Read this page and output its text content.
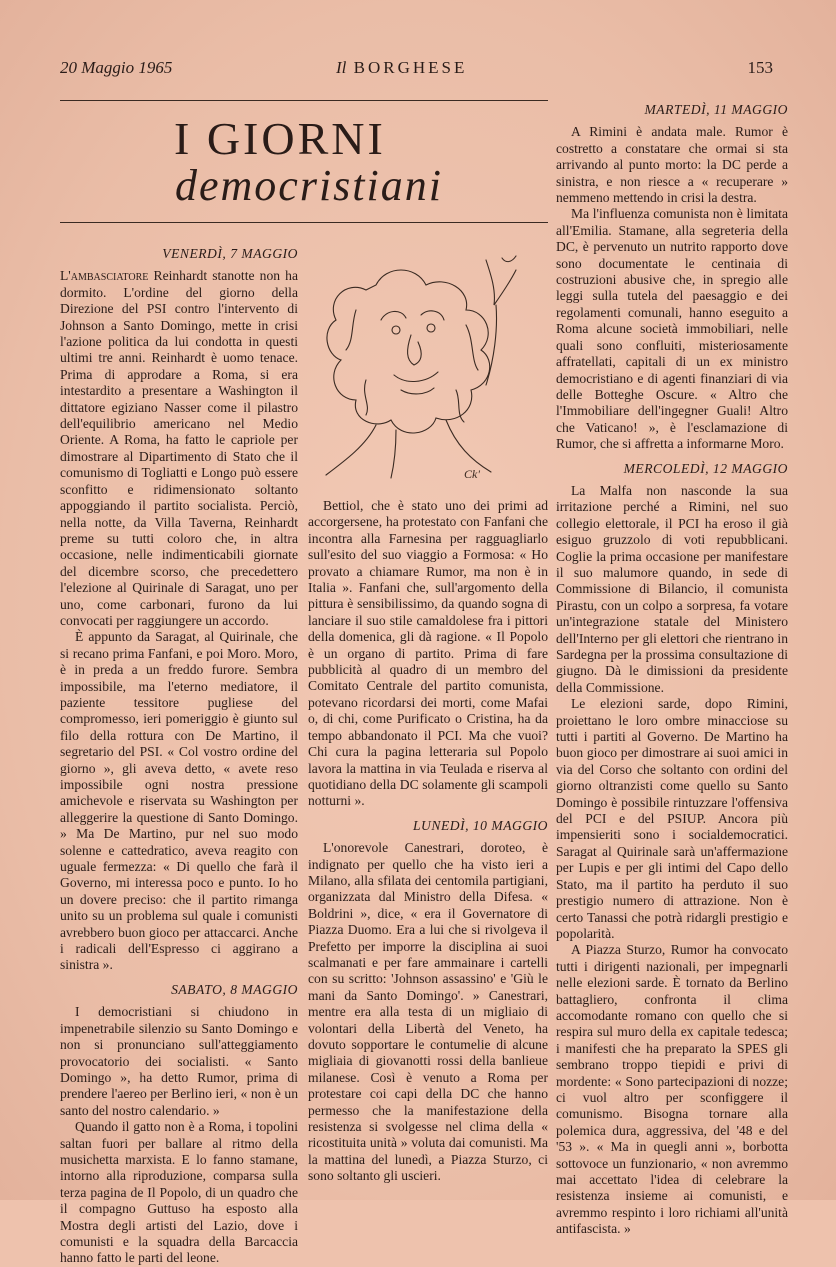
20 Maggio 1965	Il BORGHESE	153
I GIORNI
democristiani

VENERDÌ, 7 MAGGIO

L'ambasciatore Reinhardt stanotte non ha dormito. L'ordine del giorno della Direzione del PSI contro l'intervento di Johnson a Santo Domingo, mette in crisi l'azione politica da lui condotta in questi ultimi tre anni. Reinhardt è uomo tenace. Prima di approdare a Roma, si era intestardito a presentare a Washington il dittatore egiziano Nasser come il pilastro dell'equilibrio americano nel Medio Oriente. A Roma, ha fatto le capriole per dimostrare al Dipartimento di Stato che il comunismo di Togliatti e Longo può essere sconfitto e ridimensionato soltanto appoggiando il partito socialista. Perciò, nella notte, da Villa Taverna, Reinhardt preme su tutti coloro che, in altra occasione, nelle indimenticabili giornate del dicembre scorso, che precedettero l'elezione al Quirinale di Saragat, uno per uno, come carbonari, furono da lui convocati per raggiungere un accordo.

È appunto da Saragat, al Quirinale, che si recano prima Fanfani, e poi Moro. Moro, è in preda a un freddo furore. Sembra impossibile, ma l'eterno mediatore, il paziente tessitore pugliese del compromesso, ieri pomeriggio è giunto sul filo della rottura con De Martino, il segretario del PSI. « Col vostro ordine del giorno », gli aveva detto, « avete reso impossibile ogni nostra pressione amichevole e riservata su Washington per alleggerire la questione di Santo Domingo. » Ma De Martino, pur nel suo modo solenne e cattedratico, aveva reagito con uguale fermezza: « Di quello che farà il Governo, mi interessa poco e punto. Io ho un dovere preciso: che il partito rimanga unito su un problema sul quale i comunisti avrebbero buon gioco per attaccarci. Anche i radicali dell'Espresso ci aggirano a sinistra ».

SABATO, 8 MAGGIO

I democristiani si chiudono in impenetrabile silenzio su Santo Domingo e non si pronunciano sull'atteggiamento provocatorio dei socialisti. « Santo Domingo », ha detto Rumor, prima di prendere l'aereo per Berlino ieri, « non è un santo del nostro calendario. »

Quando il gatto non è a Roma, i topolini saltan fuori per ballare al ritmo della musichetta marxista. E lo fanno stamane, intorno alla riproduzione, comparsa sulla terza pagina de Il Popolo, di un quadro che il compagno Guttuso ha esposto alla Mostra degli artisti del Lazio, dove i comunisti e la squadra della Barcaccia hanno fatto le parti del leone.

Ck'

Bettiol, che è stato uno dei primi ad accorgersene, ha protestato con Fanfani che incontra alla Farnesina per ragguagliarlo sull'esito del suo viaggio a Formosa: « Ho provato a chiamare Rumor, ma non è in Italia ». Fanfani che, sull'argomento della pittura è sensibilissimo, da quando sogna di lanciare il suo stile camaldolese fra i pittori della domenica, gli dà ragione. « Il Popolo è un organo di partito. Prima di fare pubblicità al quadro di un membro del Comitato Centrale del partito comunista, potevano ricordarsi dei morti, come Mafai o, di chi, come Purificato o Cristina, ha da tempo abbandonato il PCI. Ma che vuoi? Chi cura la pagina letteraria sul Popolo lavora la mattina in via Teulada e riserva al quotidiano della DC solamente gli scampoli notturni ».

LUNEDÌ, 10 MAGGIO

L'onorevole Canestrari, doroteo, è indignato per quello che ha visto ieri a Milano, alla sfilata dei centomila partigiani, organizzata dal Ministro della Difesa. « Boldrini », dice, « era il Governatore di Piazza Duomo. Era a lui che si rivolgeva il Prefetto per imporre la disciplina ai suoi scalmanati e per fare ammainare i cartelli con su scritto: 'Johnson assassino' e 'Giù le mani da Santo Domingo'. » Canestrari, mentre era alla testa di un migliaio di volontari della Libertà del Veneto, ha dovuto sopportare le contumelie di alcune migliaia di giovanotti rossi della banlieue milanese. Così è venuto a Roma per protestare coi capi della DC che hanno permesso che la manifestazione della resistenza si svolgesse nel clima della « ricostituita unità » voluta dai comunisti. Ma la mattina del lunedì, a Piazza Sturzo, ci sono soltanto gli uscieri.

MARTEDÌ, 11 MAGGIO

A Rimini è andata male. Rumor è costretto a constatare che ormai si sta arrivando al punto morto: la DC perde a sinistra, e non riesce a « recuperare » nemmeno mettendo in crisi la destra.

Ma l'influenza comunista non è limitata all'Emilia. Stamane, alla segreteria della DC, è pervenuto un nutrito rapporto dove sono documentate le centinaia di costruzioni abusive che, in spregio alle leggi sulla tutela del paesaggio e dei regolamenti comunali, hanno eseguito a Roma alcune società immobiliari, nelle quali sono confluiti, misteriosamente affratellati, capitali di un ex ministro democristiano e di agenti finanziari di via delle Botteghe Oscure. « Altro che l'Immobiliare dell'ingegner Guali! Altro che Vaticano! », è l'esclamazione di Rumor, che si affretta a informarne Moro.

MERCOLEDÌ, 12 MAGGIO

La Malfa non nasconde la sua irritazione perché a Rimini, nel suo collegio elettorale, il PCI ha eroso il già esiguo gruzzolo di voti repubblicani. Coglie la prima occasione per manifestare il suo malumore quando, in sede di Commissione di Bilancio, il comunista Pirastu, con un colpo a sorpresa, fa votare un'integrazione statale del Ministero dell'Interno per gli elettori che rientrano in Sardegna per la prossima consultazione di giugno. Dà le dimissioni da presidente della Commissione.

Le elezioni sarde, dopo Rimini, proiettano le loro ombre minacciose su tutti i partiti al Governo. De Martino ha buon gioco per dimostrare ai suoi amici in via del Corso che soltanto con ordini del giorno oltranzisti come quello su Santo Domingo è possibile rintuzzare l'offensiva del PCI e del PSIUP. Ancora più impensieriti sono i socialdemocratici. Saragat al Quirinale sarà un'affermazione per Lupis e per gli intimi del Capo dello Stato, ma il partito ha perduto il suo prestigio numero di attrazione. Non è certo Tanassi che potrà ridargli prestigio e popolarità.

A Piazza Sturzo, Rumor ha convocato tutti i dirigenti nazionali, per impegnarli nelle elezioni sarde. È tornato da Berlino battagliero, confronta il clima accomodante romano con quello che si respira sul muro della ex capitale tedesca; i manifesti che ha preparato la SPES gli sembrano troppo tiepidi e privi di mordente: « Sono partecipazioni di nozze; ci vuol altro per sconfiggere il comunismo. Bisogna tornare alla polemica dura, aggressiva, del '48 e del '53 ». « Ma in quegli anni », borbotta sottovoce un funzionario, « non avremmo mai accettato l'idea di celebrare la resistenza insieme ai comunisti, e avremmo respinto i loro richiami all'unità antifascista. »
